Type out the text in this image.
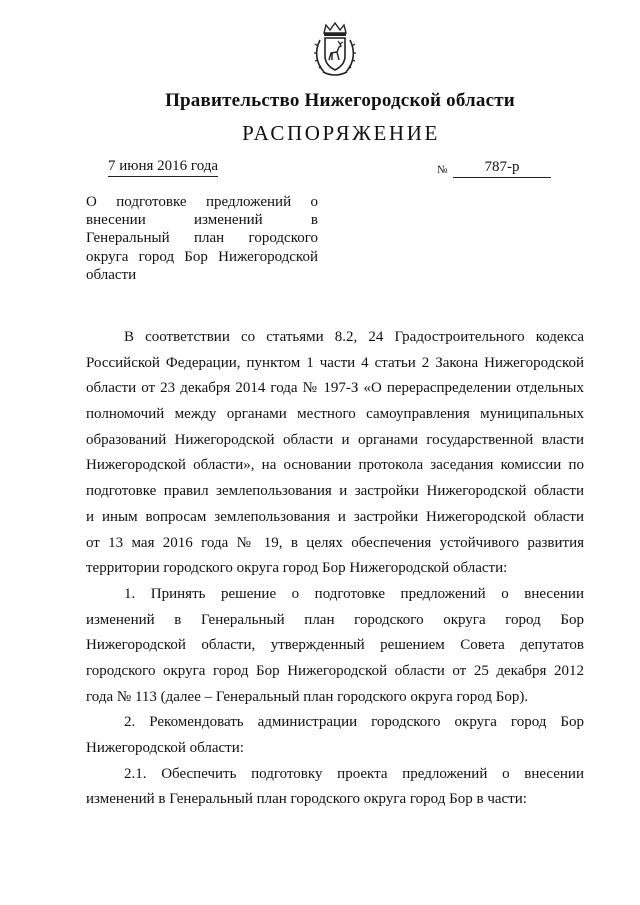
Правительство Нижегородской области
РАСПОРЯЖЕНИЕ
7 июня 2016 года	№	787-р
О подготовке предложений о
внесении изменений в
Генеральный план городского
округа город Бор Нижегородской
области
В соответствии со статьями 8.2, 24 Градостроительного кодекса
Российской Федерации, пунктом 1 части 4 статьи 2 Закона Нижегородской
области от 23 декабря 2014 года № 197-З «О перераспределении отдельных
полномочий между органами местного самоуправления муниципальных
образований Нижегородской области и органами государственной власти
Нижегородской области», на основании протокола заседания комиссии по
подготовке правил землепользования и застройки Нижегородской области
и иным вопросам землепользования и застройки Нижегородской области
от 13 мая 2016 года № 19, в целях обеспечения устойчивого развития
территории городского округа город Бор Нижегородской области:
1. Принять решение о подготовке предложений о внесении
изменений в Генеральный план городского округа город Бор
Нижегородской области, утвержденный решением Совета депутатов
городского округа город Бор Нижегородской области от 25 декабря 2012
года № 113 (далее – Генеральный план городского округа город Бор).
2. Рекомендовать администрации городского округа город Бор
Нижегородской области:
2.1. Обеспечить подготовку проекта предложений о внесении
изменений в Генеральный план городского округа город Бор в части:
